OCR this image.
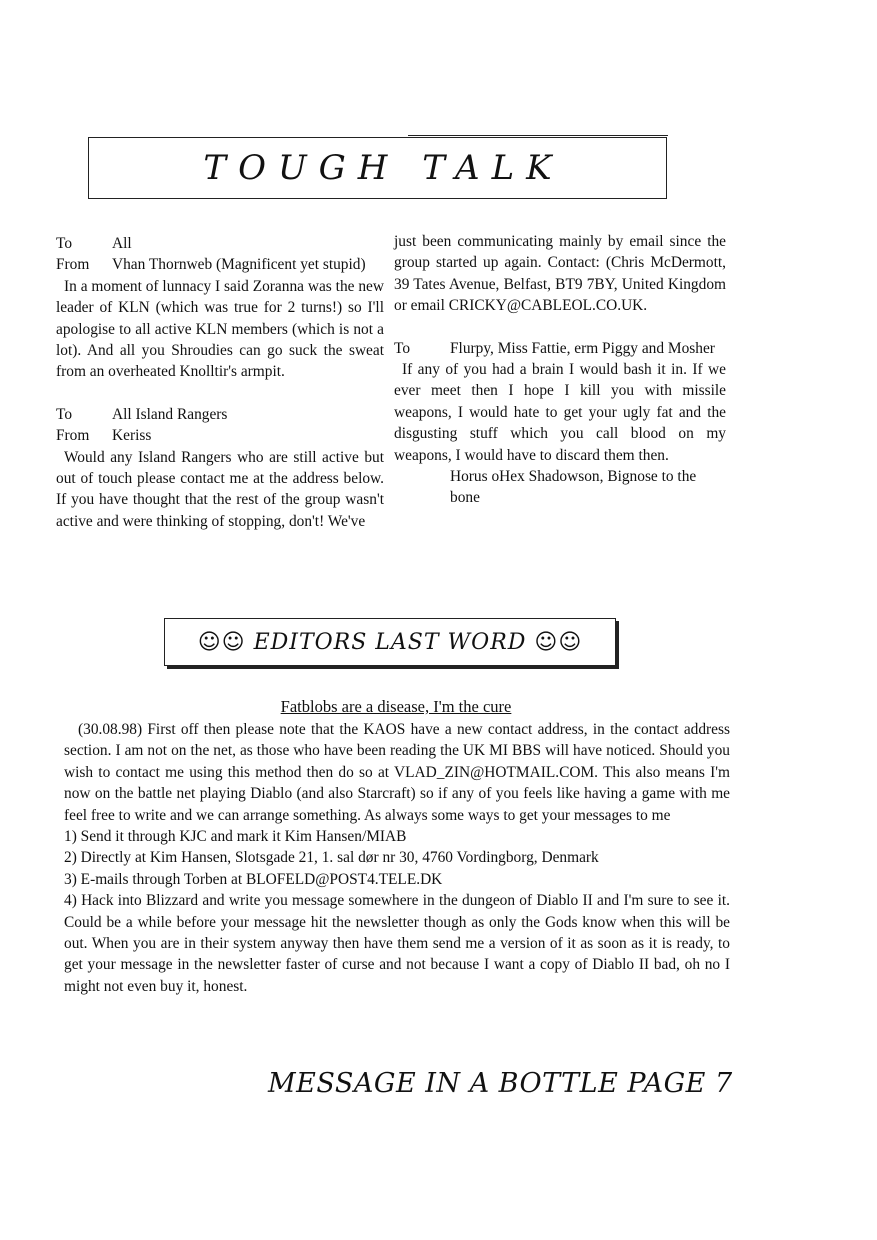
TOUGH TALK
To	All
From	Vhan Thornweb (Magnificent yet stupid)
In a moment of lunnacy I said Zoranna was the new leader of KLN (which was true for 2 turns!) so I'll apologise to all active KLN members (which is not a lot). And all you Shroudies can go suck the sweat from an overheated Knolltir's armpit.
To	All Island Rangers
From	Keriss
Would any Island Rangers who are still active but out of touch please contact me at the address below. If you have thought that the rest of the group wasn't active and were thinking of stopping, don't! We've
just been communicating mainly by email since the group started up again. Contact: (Chris McDermott, 39 Tates Avenue, Belfast, BT9 7BY, United Kingdom or email CRICKY@CABLEOL.CO.UK.
To	Flurpy, Miss Fattie, erm Piggy and Mosher
If any of you had a brain I would bash it in. If we ever meet then I hope I kill you with missile weapons, I would hate to get your ugly fat and the disgusting stuff which you call blood on my weapons, I would have to discard them then.
Horus oHex Shadowson, Bignose to the bone
☺☺ EDITORS LAST WORD ☺☺
Fatblobs are a disease, I'm the cure
(30.08.98) First off then please note that the KAOS have a new contact address, in the contact address section. I am not on the net, as those who have been reading the UK MI BBS will have noticed. Should you wish to contact me using this method then do so at VLAD_ZIN@HOTMAIL.COM. This also means I'm now on the battle net playing Diablo (and also Starcraft) so if any of you feels like having a game with me feel free to write and we can arrange something. As always some ways to get your messages to me
1) Send it through KJC and mark it Kim Hansen/MIAB
2) Directly at Kim Hansen, Slotsgade 21, 1. sal dør nr 30, 4760 Vordingborg, Denmark
3) E-mails through Torben at BLOFELD@POST4.TELE.DK
4) Hack into Blizzard and write you message somewhere in the dungeon of Diablo II and I'm sure to see it. Could be a while before your message hit the newsletter though as only the Gods know when this will be out. When you are in their system anyway then have them send me a version of it as soon as it is ready, to get your message in the newsletter faster of curse and not because I want a copy of Diablo II bad, oh no I might not even buy it, honest.
MESSAGE IN A BOTTLE PAGE 7
